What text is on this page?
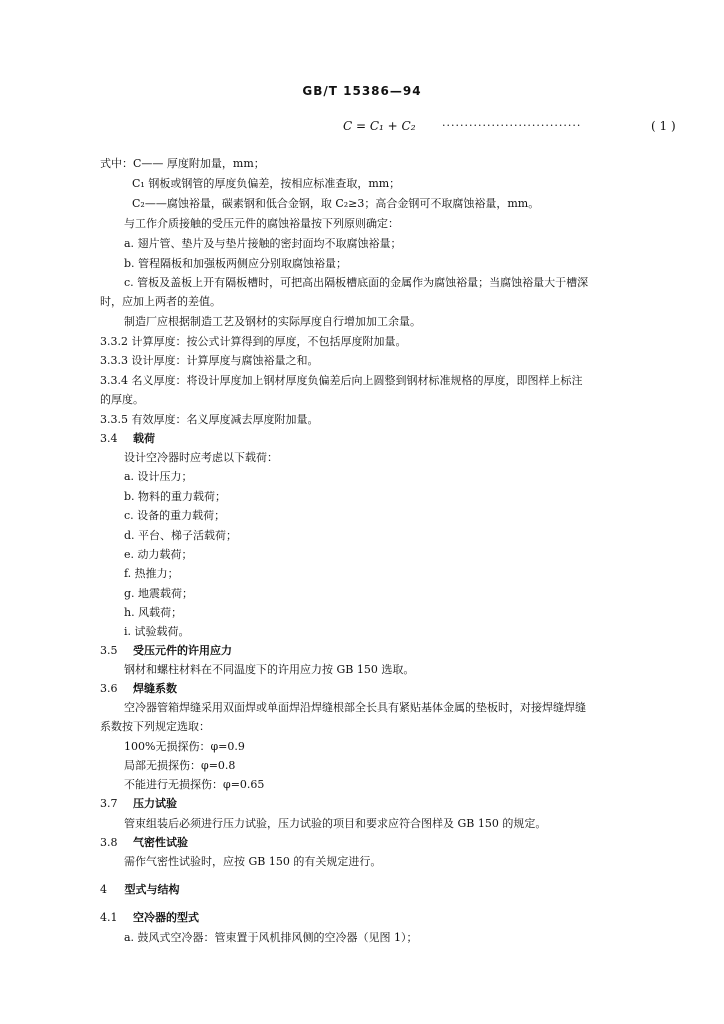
GB/T 15386—94
C = C₁ + C₂ ·······························	( 1 )
式中：C—— 厚度附加量，mm；
C₁ 钢板或钢管的厚度负偏差，按相应标准查取，mm；
C₂——腐蚀裕量，碳素钢和低合金钢，取 C₂≥3；高合金钢可不取腐蚀裕量，mm。
与工作介质接触的受压元件的腐蚀裕量按下列原则确定：
a. 翅片管、垫片及与垫片接触的密封面均不取腐蚀裕量；
b. 管程隔板和加强板两侧应分别取腐蚀裕量；
c. 管板及盖板上开有隔板槽时，可把高出隔板槽底面的金属作为腐蚀裕量；当腐蚀裕量大于槽深
时，应加上两者的差值。
制造厂应根据制造工艺及钢材的实际厚度自行增加加工余量。
3.3.2 计算厚度：按公式计算得到的厚度，不包括厚度附加量。
3.3.3 设计厚度：计算厚度与腐蚀裕量之和。
3.3.4 名义厚度：将设计厚度加上钢材厚度负偏差后向上圆整到钢材标准规格的厚度，即图样上标注
的厚度。
3.3.5 有效厚度：名义厚度减去厚度附加量。
3.4 载荷
设计空冷器时应考虑以下载荷：
a. 设计压力；
b. 物料的重力载荷；
c. 设备的重力载荷；
d. 平台、梯子活载荷；
e. 动力载荷；
f. 热推力；
g. 地震载荷；
h. 风载荷；
i. 试验载荷。
3.5 受压元件的许用应力
钢材和螺柱材料在不同温度下的许用应力按 GB 150 选取。
3.6 焊缝系数
空冷器管箱焊缝采用双面焊或单面焊沿焊缝根部全长具有紧贴基体金属的垫板时，对接焊缝焊缝
系数按下列规定选取：
100%无损探伤：φ=0.9
局部无损探伤：φ=0.8
不能进行无损探伤：φ=0.65
3.7 压力试验
管束组装后必须进行压力试验，压力试验的项目和要求应符合图样及 GB 150 的规定。
3.8 气密性试验
需作气密性试验时，应按 GB 150 的有关规定进行。
4 型式与结构
4.1 空冷器的型式
a. 鼓风式空冷器：管束置于风机排风侧的空冷器（见图 1）；
